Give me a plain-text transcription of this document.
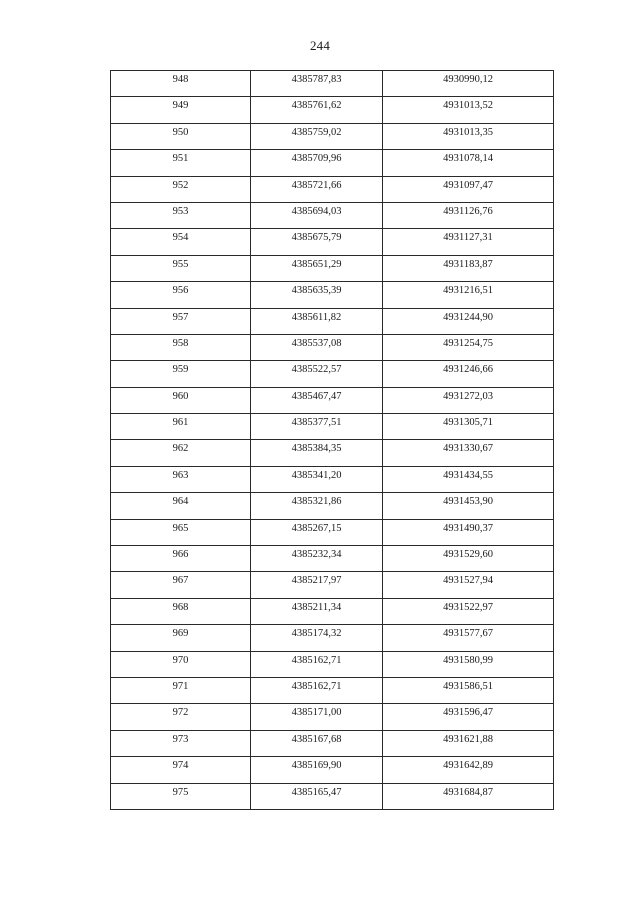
244
948	4385787,83	4930990,12
949	4385761,62	4931013,52
950	4385759,02	4931013,35
951	4385709,96	4931078,14
952	4385721,66	4931097,47
953	4385694,03	4931126,76
954	4385675,79	4931127,31
955	4385651,29	4931183,87
956	4385635,39	4931216,51
957	4385611,82	4931244,90
958	4385537,08	4931254,75
959	4385522,57	4931246,66
960	4385467,47	4931272,03
961	4385377,51	4931305,71
962	4385384,35	4931330,67
963	4385341,20	4931434,55
964	4385321,86	4931453,90
965	4385267,15	4931490,37
966	4385232,34	4931529,60
967	4385217,97	4931527,94
968	4385211,34	4931522,97
969	4385174,32	4931577,67
970	4385162,71	4931580,99
971	4385162,71	4931586,51
972	4385171,00	4931596,47
973	4385167,68	4931621,88
974	4385169,90	4931642,89
975	4385165,47	4931684,87
